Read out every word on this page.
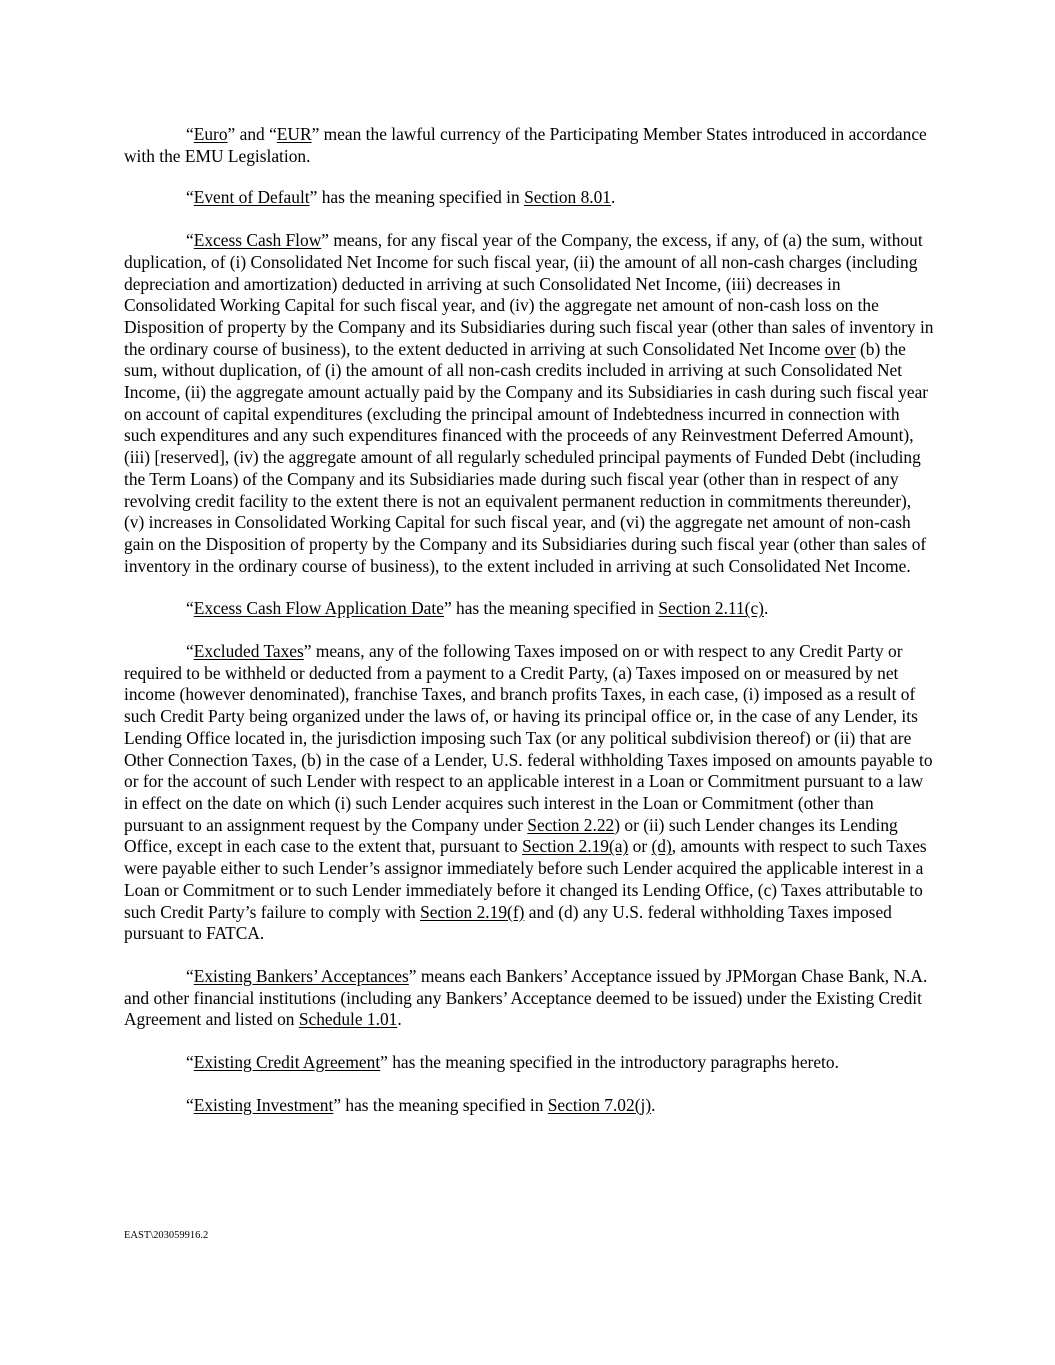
“Euro” and “EUR” mean the lawful currency of the Participating Member States introduced in accordance with the EMU Legislation.

“Event of Default” has the meaning specified in Section 8.01.

“Excess Cash Flow” means, for any fiscal year of the Company, the excess, if any, of (a) the sum, without duplication, of (i) Consolidated Net Income for such fiscal year, (ii) the amount of all non-cash charges (including depreciation and amortization) deducted in arriving at such Consolidated Net Income, (iii) decreases in Consolidated Working Capital for such fiscal year, and (iv) the aggregate net amount of non-cash loss on the Disposition of property by the Company and its Subsidiaries during such fiscal year (other than sales of inventory in the ordinary course of business), to the extent deducted in arriving at such Consolidated Net Income over (b) the sum, without duplication, of (i) the amount of all non-cash credits included in arriving at such Consolidated Net Income, (ii) the aggregate amount actually paid by the Company and its Subsidiaries in cash during such fiscal year on account of capital expenditures (excluding the principal amount of Indebtedness incurred in connection with such expenditures and any such expenditures financed with the proceeds of any Reinvestment Deferred Amount), (iii) [reserved], (iv) the aggregate amount of all regularly scheduled principal payments of Funded Debt (including the Term Loans) of the Company and its Subsidiaries made during such fiscal year (other than in respect of any revolving credit facility to the extent there is not an equivalent permanent reduction in commitments thereunder), (v) increases in Consolidated Working Capital for such fiscal year, and (vi) the aggregate net amount of non-cash gain on the Disposition of property by the Company and its Subsidiaries during such fiscal year (other than sales of inventory in the ordinary course of business), to the extent included in arriving at such Consolidated Net Income.

“Excess Cash Flow Application Date” has the meaning specified in Section 2.11(c).

“Excluded Taxes” means, any of the following Taxes imposed on or with respect to any Credit Party or required to be withheld or deducted from a payment to a Credit Party, (a) Taxes imposed on or measured by net income (however denominated), franchise Taxes, and branch profits Taxes, in each case, (i) imposed as a result of such Credit Party being organized under the laws of, or having its principal office or, in the case of any Lender, its Lending Office located in, the jurisdiction imposing such Tax (or any political subdivision thereof) or (ii) that are Other Connection Taxes, (b) in the case of a Lender, U.S. federal withholding Taxes imposed on amounts payable to or for the account of such Lender with respect to an applicable interest in a Loan or Commitment pursuant to a law in effect on the date on which (i) such Lender acquires such interest in the Loan or Commitment (other than pursuant to an assignment request by the Company under Section 2.22) or (ii) such Lender changes its Lending Office, except in each case to the extent that, pursuant to Section 2.19(a) or (d), amounts with respect to such Taxes were payable either to such Lender’s assignor immediately before such Lender acquired the applicable interest in a Loan or Commitment or to such Lender immediately before it changed its Lending Office, (c) Taxes attributable to such Credit Party’s failure to comply with Section 2.19(f) and (d) any U.S. federal withholding Taxes imposed pursuant to FATCA.

“Existing Bankers’ Acceptances” means each Bankers’ Acceptance issued by JPMorgan Chase Bank, N.A. and other financial institutions (including any Bankers’ Acceptance deemed to be issued) under the Existing Credit Agreement and listed on Schedule 1.01.

“Existing Credit Agreement” has the meaning specified in the introductory paragraphs hereto.

“Existing Investment” has the meaning specified in Section 7.02(j).

EAST\203059916.2
